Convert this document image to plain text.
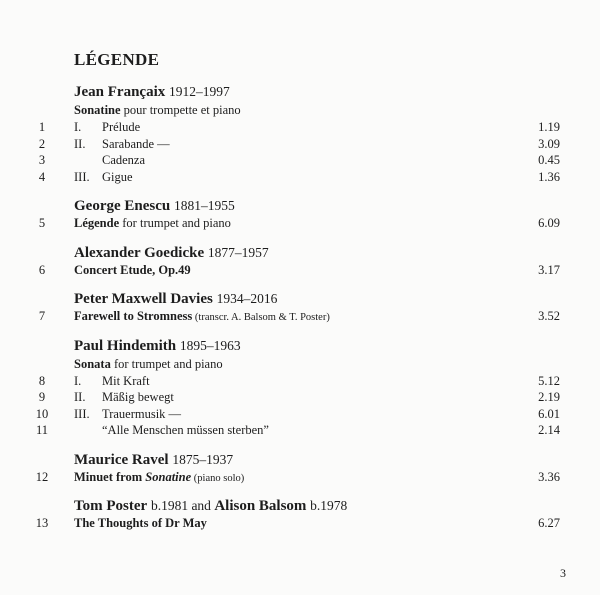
LÉGENDE
Jean Françaix 1912–1997
Sonatine pour trompette et piano
1	I. Prélude	1.19
2	II. Sarabande —	3.09
3	Cadenza	0.45
4	III. Gigue	1.36
George Enescu 1881–1955
5	Légende for trumpet and piano	6.09
Alexander Goedicke 1877–1957
6	Concert Etude, Op.49	3.17
Peter Maxwell Davies 1934–2016
7	Farewell to Stromness (transcr. A. Balsom & T. Poster)	3.52
Paul Hindemith 1895–1963
Sonata for trumpet and piano
8	I. Mit Kraft	5.12
9	II. Mäßig bewegt	2.19
10	III. Trauermusik —	6.01
11	“Alle Menschen müssen sterben”	2.14
Maurice Ravel 1875–1937
12	Minuet from Sonatine (piano solo)	3.36
Tom Poster b.1981 and Alison Balsom b.1978
13	The Thoughts of Dr May	6.27
3
